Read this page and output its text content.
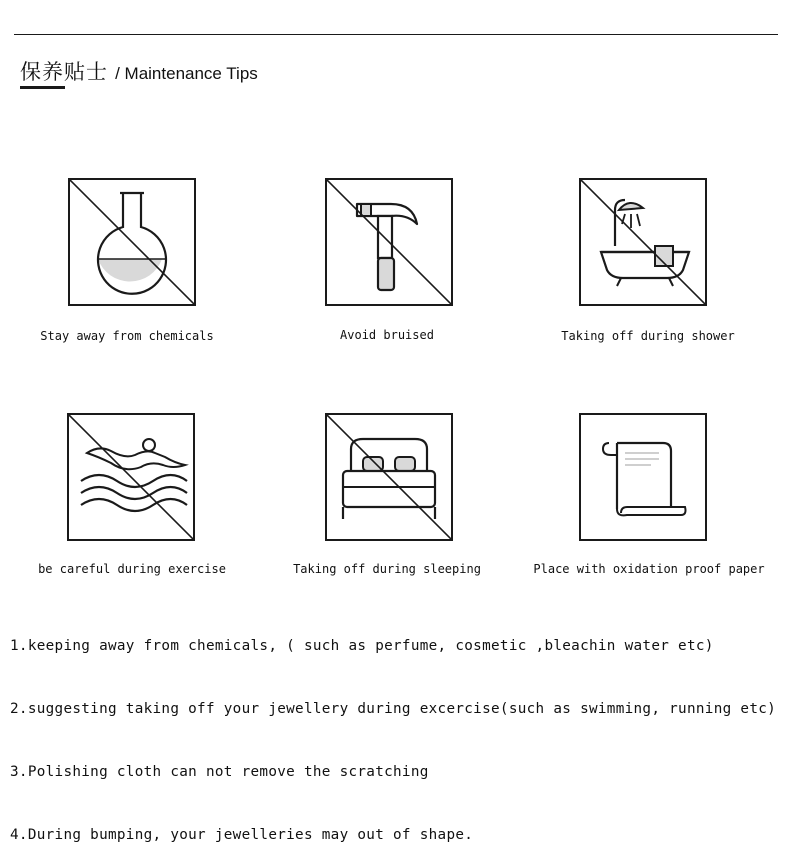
保养贴士 / Maintenance Tips
Stay away from chemicals	Avoid bruised	Taking off during shower
be careful during exercise	Taking off during sleeping	Place with oxidation proof paper
1.keeping away from chemicals, ( such as perfume, cosmetic ,bleachin water etc)
2.suggesting taking off your jewellery during excercise(such as swimming, running etc)
3.Polishing cloth can not remove the scratching
4.During bumping, your jewelleries may out of shape.
